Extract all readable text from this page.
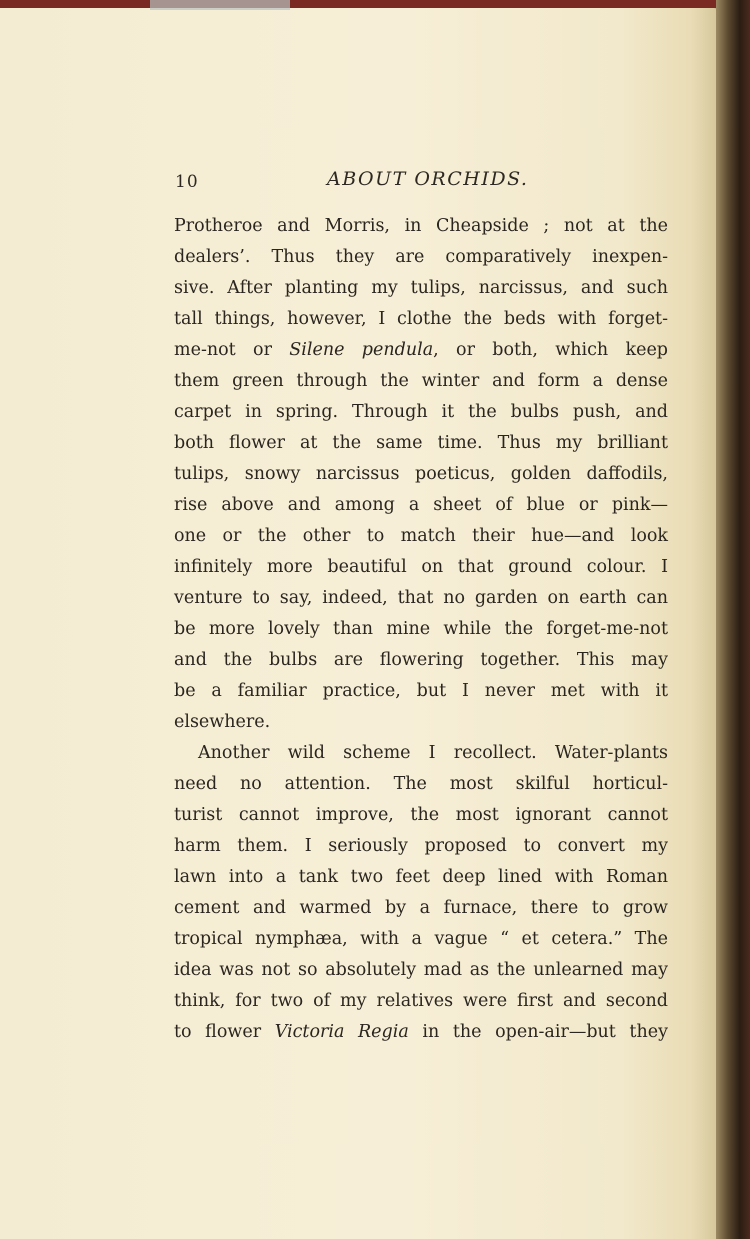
10	ABOUT ORCHIDS.
Protheroe and Morris, in Cheapside ; not at the
dealers’. Thus they are comparatively inexpen-
sive. After planting my tulips, narcissus, and such
tall things, however, I clothe the beds with forget-
me-not or Silene pendula, or both, which keep
them green through the winter and form a dense
carpet in spring. Through it the bulbs push, and
both flower at the same time. Thus my brilliant
tulips, snowy narcissus poeticus, golden daffodils,
rise above and among a sheet of blue or pink—
one or the other to match their hue—and look
infinitely more beautiful on that ground colour. I
venture to say, indeed, that no garden on earth can
be more lovely than mine while the forget-me-not
and the bulbs are flowering together. This may
be a familiar practice, but I never met with it
elsewhere.
Another wild scheme I recollect. Water-plants
need no attention. The most skilful horticul-
turist cannot improve, the most ignorant cannot
harm them. I seriously proposed to convert my
lawn into a tank two feet deep lined with Roman
cement and warmed by a furnace, there to grow
tropical nymphæa, with a vague “ et cetera.” The
idea was not so absolutely mad as the unlearned may
think, for two of my relatives were first and second
to flower Victoria Regia in the open-air—but they
